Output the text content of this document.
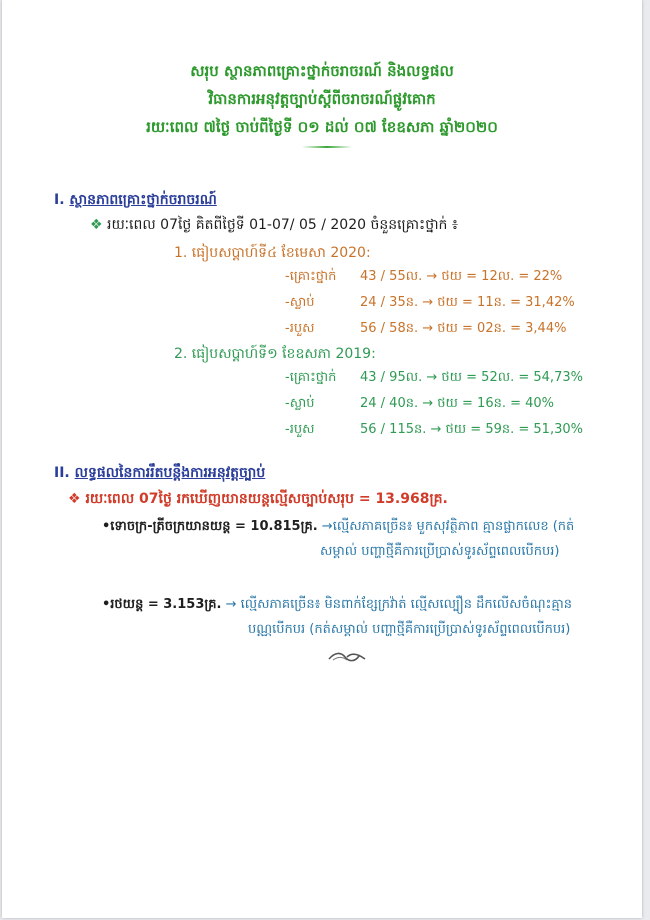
សរុប ស្ថានភាពគ្រោះថ្នាក់ចរាចរណ៍ និងលទ្ធផល
វិធានការអនុវត្តច្បាប់ស្តីពីចរាចរណ៍ផ្លូវគោក
រយៈពេល ៧ថ្ងៃ ចាប់ពីថ្ងៃទី ០១ ដល់ ០៧ ខែឧសភា ឆ្នាំ២០២០
I. ស្ថានភាពគ្រោះថ្នាក់ចរាចរណ៍
❖ រយៈពេល 07ថ្ងៃ គិតពីថ្ងៃទី 01-07/ 05 / 2020 ចំនួនគ្រោះថ្នាក់ ៖
1. ធៀបសប្តាហ៍ទី៤ ខែមេសា 2020:
-គ្រោះថ្នាក់ 43 / 55ល. → ថយ = 12ល. = 22%
-ស្លាប់	24 / 35ន. → ថយ = 11ន. = 31,42%
-របួស	56 / 58ន. → ថយ = 02ន. = 3,44%
2. ធៀបសប្តាហ៍ទី១ ខែឧសភា 2019:
-គ្រោះថ្នាក់ 43 / 95ល. → ថយ = 52ល. = 54,73%
-ស្លាប់	24 / 40ន. → ថយ = 16ន. = 40%
-របួស	56 / 115ន. → ថយ = 59ន. = 51,30%
II. លទ្ធផលនៃការរឹតបន្តឹងការអនុវត្តច្បាប់
❖ រយៈពេល 07ថ្ងៃ រកឃើញយានយន្តល្មើសច្បាប់សរុប = 13.968គ្រ.
•ទោចក្រ-ត្រីចក្រយានយន្ត = 10.815គ្រ. →ល្មើសភាគច្រើន៖ មួកសុវត្ថិភាព គ្មានផ្លាកលេខ (កត់
សម្គាល់ បញ្ហាថ្មីគឺការប្រើប្រាស់ទូរស័ព្ទពេលបើកបរ)
•រថយន្ត = 3.153គ្រ. → ល្មើសភាគច្រើន៖ មិនពាក់ខ្សែក្រវ៉ាត់ ល្មើសល្បឿន ដឹកលើសចំណុះគ្មាន
បណ្ណបើកបរ (កត់សម្គាល់ បញ្ហាថ្មីគឺការប្រើប្រាស់ទូរស័ព្ទពេលបើកបរ)
